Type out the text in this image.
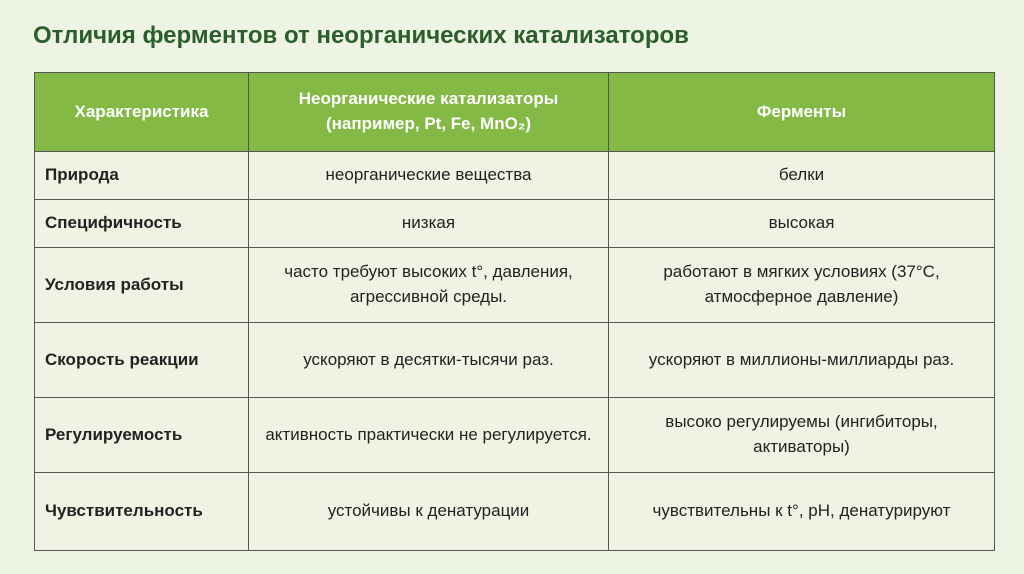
Отличия ферментов от неорганических катализаторов
Характеристика	Неорганические катализаторы (например, Pt, Fe, MnO₂)	Ферменты
Природа	неорганические вещества	белки
Специфичность	низкая	высокая
Условия работы	часто требуют высоких t°, давления, агрессивной среды.	работают в мягких условиях (37°C, атмосферное давление)
Скорость реакции	ускоряют в десятки-тысячи раз.	ускоряют в миллионы-миллиарды раз.
Регулируемость	активность практически не регулируется.	высоко регулируемы (ингибиторы, активаторы)
Чувствительность	устойчивы к денатурации	чувствительны к t°, pH, денатурируют
